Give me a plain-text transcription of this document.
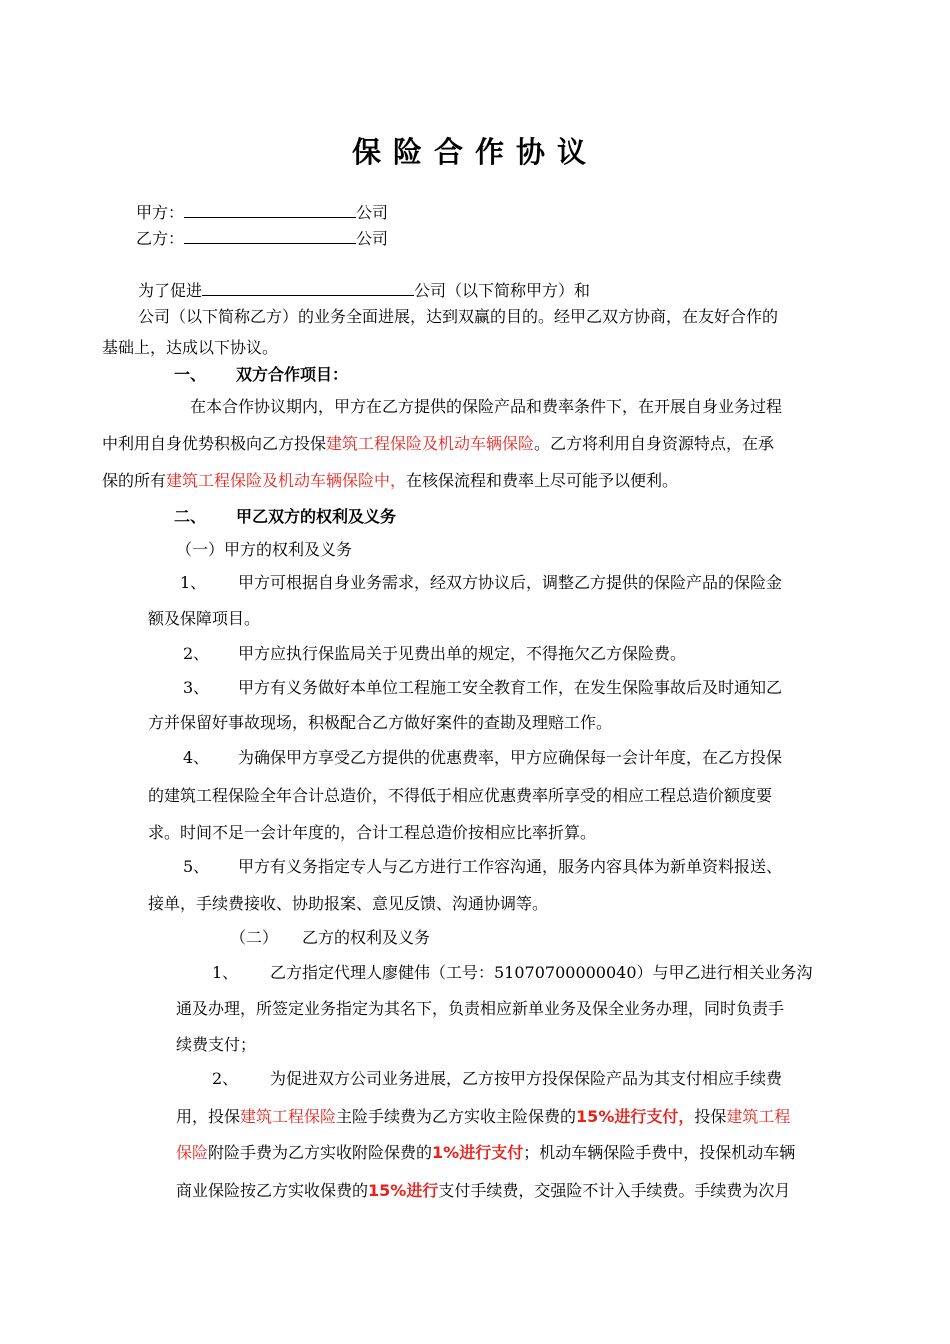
保险合作协议
甲方：	公司
乙方：	公司
为了促进	公司（以下简称甲方）和
公司（以下简称乙方）的业务全面进展，达到双赢的目的。经甲乙双方协商，在友好合作的
基础上，达成以下协议。
一、 双方合作项目：
在本合作协议期内，甲方在乙方提供的保险产品和费率条件下，在开展自身业务过程
中利用自身优势积极向乙方投保建筑工程保险及机动车辆保险。乙方将利用自身资源特点，在承
保的所有建筑工程保险及机动车辆保险中，在核保流程和费率上尽可能予以便利。
二、 甲乙双方的权利及义务
（一）甲方的权利及义务
1、 甲方可根据自身业务需求，经双方协议后，调整乙方提供的保险产品的保险金
额及保障项目。
2、 甲方应执行保监局关于见费出单的规定，不得拖欠乙方保险费。
3、 甲方有义务做好本单位工程施工安全教育工作，在发生保险事故后及时通知乙
方并保留好事故现场，积极配合乙方做好案件的查勘及理赔工作。
4、 为确保甲方享受乙方提供的优惠费率，甲方应确保每一会计年度，在乙方投保
的建筑工程保险全年合计总造价，不得低于相应优惠费率所享受的相应工程总造价额度要
求。时间不足一会计年度的，合计工程总造价按相应比率折算。
5、 甲方有义务指定专人与乙方进行工作容沟通，服务内容具体为新单资料报送、
接单，手续费接收、协助报案、意见反馈、沟通协调等。
（二） 乙方的权利及义务
1、 乙方指定代理人廖健伟（工号：51070700000040）与甲乙进行相关业务沟
通及办理，所签定业务指定为其名下，负责相应新单业务及保全业务办理，同时负责手
续费支付；
2、 为促进双方公司业务进展，乙方按甲方投保保险产品为其支付相应手续费
用，投保建筑工程保险主险手续费为乙方实收主险保费的15%进行支付，投保建筑工程
保险附险手费为乙方实收附险保费的1%进行支付；机动车辆保险手费中，投保机动车辆
商业保险按乙方实收保费的15%进行支付手续费，交强险不计入手续费。手续费为次月
